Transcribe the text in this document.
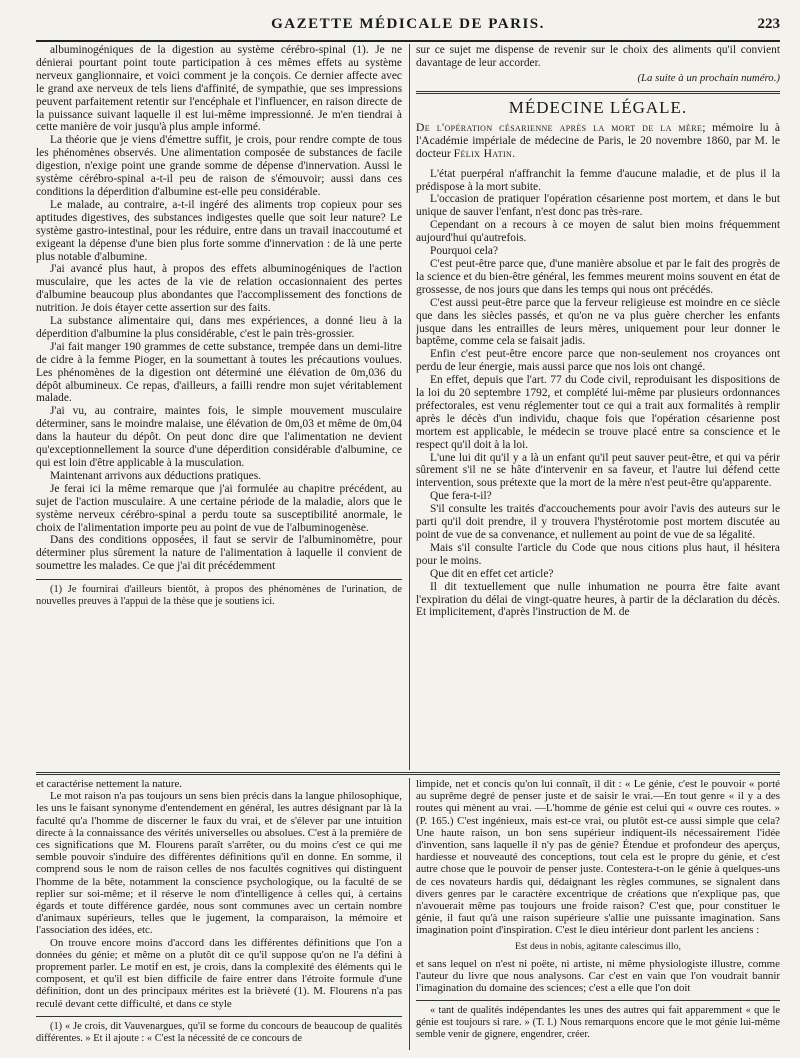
GAZETTE MÉDICALE DE PARIS.	223

albuminogéniques de la digestion au système cérébro-spinal (1). Je ne dénierai pourtant point toute participation à ces mêmes effets au système nerveux ganglionnaire, et voici comment je la conçois. Ce dernier affecte avec le grand axe nerveux de tels liens d'affinité, de sympathie, que ses impressions peuvent parfaitement retentir sur l'encéphale et l'influencer, en raison directe de la puissance suivant laquelle il est lui-même impressionné. Je m'en tiendrai à cette manière de voir jusqu'à plus ample informé.

La théorie que je viens d'émettre suffit, je crois, pour rendre compte de tous les phénomènes observés. Une alimentation composée de substances de facile digestion, n'exige point une grande somme de dépense d'innervation. Aussi le système cérébro-spinal a-t-il peu de raison de s'émouvoir; aussi dans ces conditions la déperdition d'albumine est-elle peu considérable.

Le malade, au contraire, a-t-il ingéré des aliments trop copieux pour ses aptitudes digestives, des substances indigestes quelle que soit leur nature? Le système gastro-intestinal, pour les réduire, entre dans un travail inaccoutumé et exigeant la dépense d'une bien plus forte somme d'innervation : de là une perte plus notable d'albumine.

J'ai avancé plus haut, à propos des effets albuminogéniques de l'action musculaire, que les actes de la vie de relation occasionnaient des pertes d'albumine beaucoup plus abondantes que l'accomplissement des fonctions de nutrition. Je dois étayer cette assertion sur des faits.

La substance alimentaire qui, dans mes expériences, a donné lieu à la déperdition d'albumine la plus considérable, c'est le pain très-grossier.

J'ai fait manger 190 grammes de cette substance, trempée dans un demi-litre de cidre à la femme Pioger, en la soumettant à toutes les précautions voulues. Les phénomènes de la digestion ont déterminé une élévation de 0m,036 du dépôt albumineux. Ce repas, d'ailleurs, a failli rendre mon sujet véritablement malade.

J'ai vu, au contraire, maintes fois, le simple mouvement musculaire déterminer, sans le moindre malaise, une élévation de 0m,03 et même de 0m,04 dans la hauteur du dépôt. On peut donc dire que l'alimentation ne devient qu'exceptionnellement la source d'une déperdition considérable d'albumine, ce qui est loin d'être applicable à la musculation.

Maintenant arrivons aux déductions pratiques.

Je ferai ici la même remarque que j'ai formulée au chapitre précédent, au sujet de l'action musculaire. A une certaine période de la maladie, alors que le système nerveux cérébro-spinal a perdu toute sa susceptibilité anormale, le choix de l'alimentation importe peu au point de vue de l'albuminogenèse.

Dans des conditions opposées, il faut se servir de l'albuminomètre, pour déterminer plus sûrement la nature de l'alimentation à laquelle il convient de soumettre les malades. Ce que j'ai dit précédemment

(1) Je fournirai d'ailleurs bientôt, à propos des phénomènes de l'urination, de nouvelles preuves à l'appui de la thèse que je soutiens ici.

sur ce sujet me dispense de revenir sur le choix des aliments qu'il convient davantage de leur accorder.

(La suite à un prochain numéro.)
MÉDECINE LÉGALE.
De l'opération césarienne après la mort de la mère; mémoire lu à l'Académie impériale de médecine de Paris, le 20 novembre 1860, par M. le docteur Félix Hatin.

L'état puerpéral n'affranchit la femme d'aucune maladie, et de plus il la prédispose à la mort subite.

L'occasion de pratiquer l'opération césarienne post mortem, et dans le but unique de sauver l'enfant, n'est donc pas très-rare.

Cependant on a recours à ce moyen de salut bien moins fréquemment aujourd'hui qu'autrefois.

Pourquoi cela?

C'est peut-être parce que, d'une manière absolue et par le fait des progrès de la science et du bien-être général, les femmes meurent moins souvent en état de grossesse, de nos jours que dans les temps qui nous ont précédés.

C'est aussi peut-être parce que la ferveur religieuse est moindre en ce siècle que dans les siècles passés, et qu'on ne va plus guère chercher les enfants jusque dans les entrailles de leurs mères, uniquement pour leur donner le baptême, comme cela se faisait jadis.

Enfin c'est peut-être encore parce que non-seulement nos croyances ont perdu de leur énergie, mais aussi parce que nos lois ont changé.

En effet, depuis que l'art. 77 du Code civil, reproduisant les dispositions de la loi du 20 septembre 1792, et complété lui-même par plusieurs ordonnances préfectorales, est venu réglementer tout ce qui a trait aux formalités à remplir après le décès d'un individu, chaque fois que l'opération césarienne post mortem est applicable, le médecin se trouve placé entre sa conscience et le respect qu'il doit à la loi.

L'une lui dit qu'il y a là un enfant qu'il peut sauver peut-être, et qui va périr sûrement s'il ne se hâte d'intervenir en sa faveur, et l'autre lui défend cette intervention, sous prétexte que la mort de la mère n'est peut-être qu'apparente.

Que fera-t-il?

S'il consulte les traités d'accouchements pour avoir l'avis des auteurs sur le parti qu'il doit prendre, il y trouvera l'hystérotomie post mortem discutée au point de vue de sa convenance, et nullement au point de vue de sa légalité.

Mais s'il consulte l'article du Code que nous citions plus haut, il hésitera pour le moins.

Que dit en effet cet article?

Il dit textuellement que nulle inhumation ne pourra être faite avant l'expiration du délai de vingt-quatre heures, à partir de la déclaration du décès. Et implicitement, d'après l'instruction de M. de

et caractérise nettement la nature.

Le mot raison n'a pas toujours un sens bien précis dans la langue philosophique, les uns le faisant synonyme d'entendement en général, les autres désignant par là la faculté qu'a l'homme de discerner le faux du vrai, et de s'élever par une intuition directe à la connaissance des vérités universelles ou absolues. C'est à la première de ces significations que M. Flourens paraît s'arrêter, ou du moins c'est ce qui me semble pouvoir s'induire des différentes définitions qu'il en donne. En somme, il comprend sous le nom de raison celles de nos facultés cognitives qui distinguent l'homme de la bête, notamment la conscience psychologique, ou la faculté de se replier sur soi-même; et il réserve le nom d'intelligence à celles qui, à certains égards et toute différence gardée, nous sont communes avec un certain nombre d'animaux supérieurs, telles que le jugement, la comparaison, la mémoire et l'association des idées, etc.

On trouve encore moins d'accord dans les différentes définitions que l'on a données du génie; et même on a plutôt dit ce qu'il suppose qu'on ne l'a défini à proprement parler. Le motif en est, je crois, dans la complexité des éléments qui le composent, et qu'il est bien difficile de faire entrer dans l'étroite formule d'une définition, dont un des principaux mérites est la brièveté (1). M. Flourens n'a pas reculé devant cette difficulté, et dans ce style

(1) « Je crois, dit Vauvenargues, qu'il se forme du concours de beaucoup de qualités différentes. » Et il ajoute : « C'est la nécessité de ce concours de

limpide, net et concis qu'on lui connaît, il dit : « Le génie, c'est le pouvoir « porté au suprême degré de penser juste et de saisir le vrai.—En tout genre « il y a des routes qui mènent au vrai. —L'homme de génie est celui qui « ouvre ces routes. » (P. 165.) C'est ingénieux, mais est-ce vrai, ou plutôt est-ce aussi simple que cela? Une haute raison, un bon sens supérieur indiquent-ils nécessairement l'idée d'invention, sans laquelle il n'y pas de génie? Étendue et profondeur des aperçus, hardiesse et nouveauté des conceptions, tout cela est le propre du génie, et c'est autre chose que le pouvoir de penser juste. Contestera-t-on le génie à quelques-uns de ces novateurs hardis qui, dédaignant les règles communes, se signalent dans divers genres par le caractère excentrique de créations que n'explique pas, que n'avouerait même pas toujours une froide raison? C'est que, pour constituer le génie, il faut qu'à une raison supérieure s'allie une puissante imagination. Sans imagination point d'inspiration. C'est le dieu intérieur dont parlent les anciens :

Est deus in nobis, agitante calescimus illo,

et sans lequel on n'est ni poëte, ni artiste, ni même physiologiste illustre, comme l'auteur du livre que nous analysons. Car c'est en vain que l'on voudrait bannir l'imagination du domaine des sciences; c'est a elle que l'on doit

« tant de qualités indépendantes les unes des autres qui fait apparemment « que le génie est toujours si rare. » (T. I.) Nous remarquons encore que le mot génie lui-même semble venir de gignere, engendrer, créer.
